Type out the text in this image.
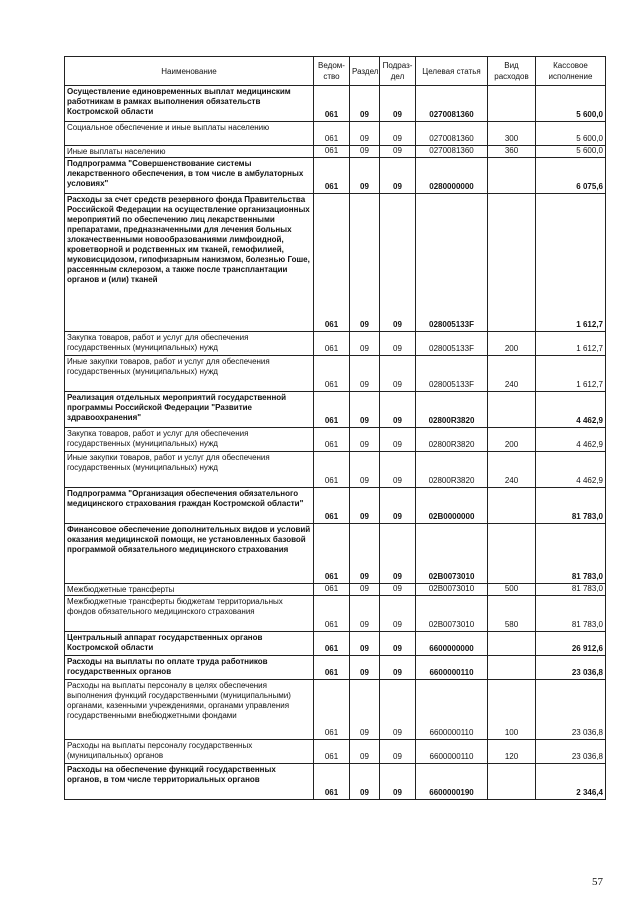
Наименование	Ведом-ство	Раздел	Подраз-дел	Целевая статья	Вид расходов	Кассовое исполнение
Осуществление единовременных выплат медицинским работникам в рамках выполнения обязательств Костромской области	061	09	09	0270081360		5 600,0
Социальное обеспечение и иные выплаты населению	061	09	09	0270081360	300	5 600,0
Иные выплаты населению	061	09	09	0270081360	360	5 600,0
Подпрограмма "Совершенствование системы лекарственного обеспечения, в том числе в амбулаторных условиях"	061	09	09	0280000000		6 075,6
Расходы за счет средств резервного фонда Правительства Российской Федерации на осуществление организационных мероприятий по обеспечению лиц лекарственными препаратами, предназначенными для лечения больных злокачественными новообразованиями лимфоидной, кроветворной и родственных им тканей, гемофилией, муковисцидозом, гипофизарным нанизмом, болезнью Гоше, рассеянным склерозом, а также после трансплантации органов и (или) тканей	061	09	09	028005133F		1 612,7
Закупка товаров, работ и услуг для обеспечения государственных (муниципальных) нужд	061	09	09	028005133F	200	1 612,7
Иные закупки товаров, работ и услуг для обеспечения государственных (муниципальных) нужд	061	09	09	028005133F	240	1 612,7
Реализация отдельных мероприятий государственной программы Российской Федерации "Развитие здравоохранения"	061	09	09	02800R3820		4 462,9
Закупка товаров, работ и услуг для обеспечения государственных (муниципальных) нужд	061	09	09	02800R3820	200	4 462,9
Иные закупки товаров, работ и услуг для обеспечения государственных (муниципальных) нужд	061	09	09	02800R3820	240	4 462,9
Подпрограмма "Организация обеспечения обязательного медицинского страхования граждан Костромской области"	061	09	09	02В0000000		81 783,0
Финансовое обеспечение дополнительных видов и условий оказания медицинской помощи, не установленных базовой программой обязательного медицинского страхования	061	09	09	02В0073010		81 783,0
Межбюджетные трансферты	061	09	09	02В0073010	500	81 783,0
Межбюджетные трансферты бюджетам территориальных фондов обязательного медицинского страхования	061	09	09	02В0073010	580	81 783,0
Центральный аппарат государственных органов Костромской области	061	09	09	6600000000		26 912,6
Расходы на выплаты по оплате труда работников государственных органов	061	09	09	6600000110		23 036,8
Расходы на выплаты персоналу в целях обеспечения выполнения функций государственными (муниципальными) органами, казенными учреждениями, органами управления государственными внебюджетными фондами	061	09	09	6600000110	100	23 036,8
Расходы на выплаты персоналу государственных (муниципальных) органов	061	09	09	6600000110	120	23 036,8
Расходы на обеспечение функций государственных органов, в том числе территориальных органов	061	09	09	6600000190		2 346,4
57
